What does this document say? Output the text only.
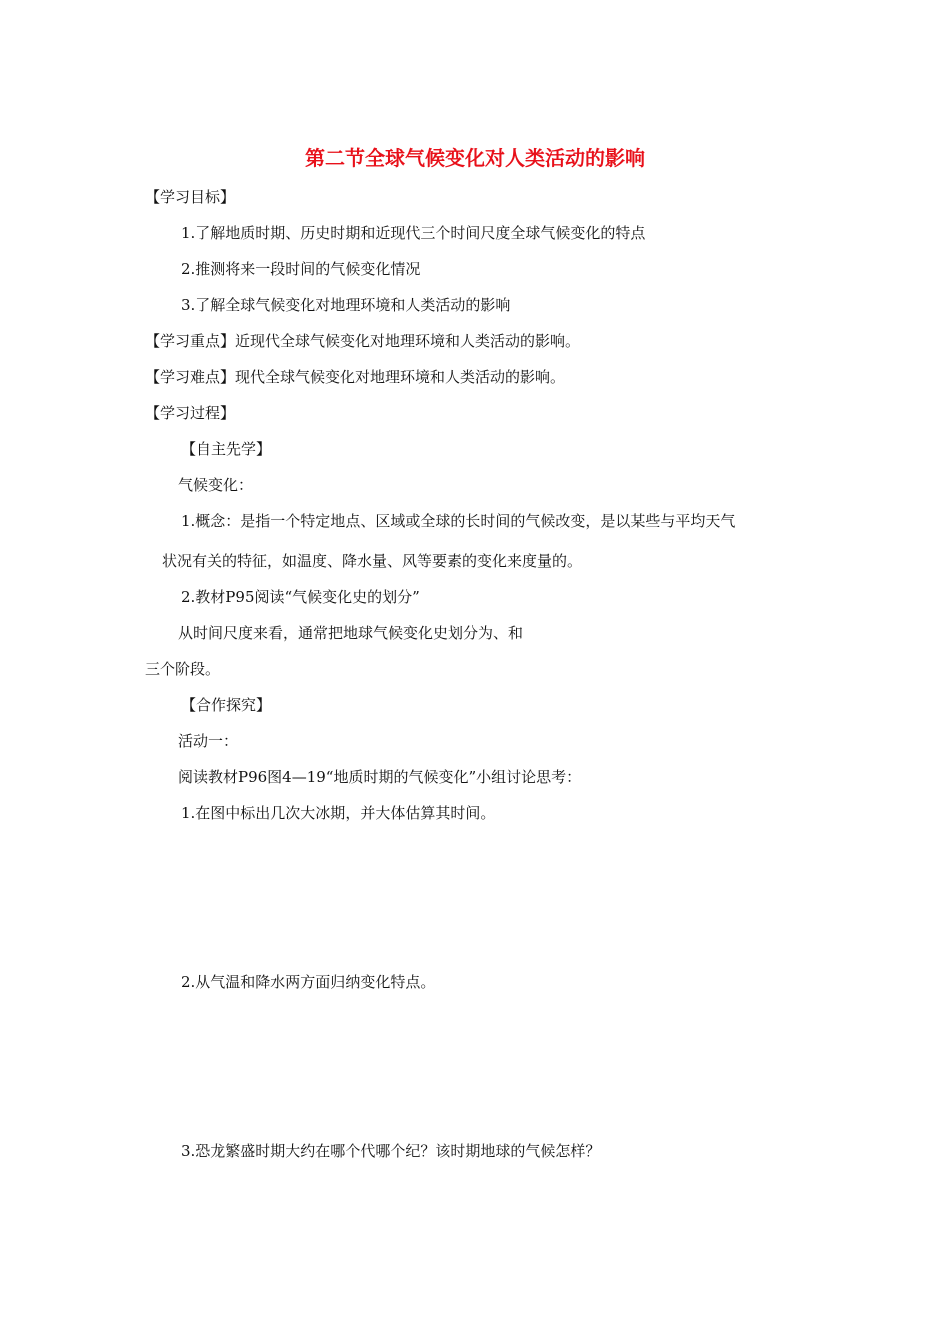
第二节全球气候变化对人类活动的影响
【学习目标】
1.了解地质时期、历史时期和近现代三个时间尺度全球气候变化的特点
2.推测将来一段时间的气候变化情况
3.了解全球气候变化对地理环境和人类活动的影响
【学习重点】近现代全球气候变化对地理环境和人类活动的影响。
【学习难点】现代全球气候变化对地理环境和人类活动的影响。
【学习过程】
【自主先学】
气候变化：
1.概念：是指一个特定地点、区域或全球的长时间的气候改变，是以某些与平均天气
状况有关的特征，如温度、降水量、风等要素的变化来度量的。
2.教材P95阅读“气候变化史的划分”
从时间尺度来看，通常把地球气候变化史划分为、和
三个阶段。
【合作探究】
活动一：
阅读教材P96图4—19“地质时期的气候变化”小组讨论思考：
1.在图中标出几次大冰期，并大体估算其时间。
2.从气温和降水两方面归纳变化特点。
3.恐龙繁盛时期大约在哪个代哪个纪？该时期地球的气候怎样？
